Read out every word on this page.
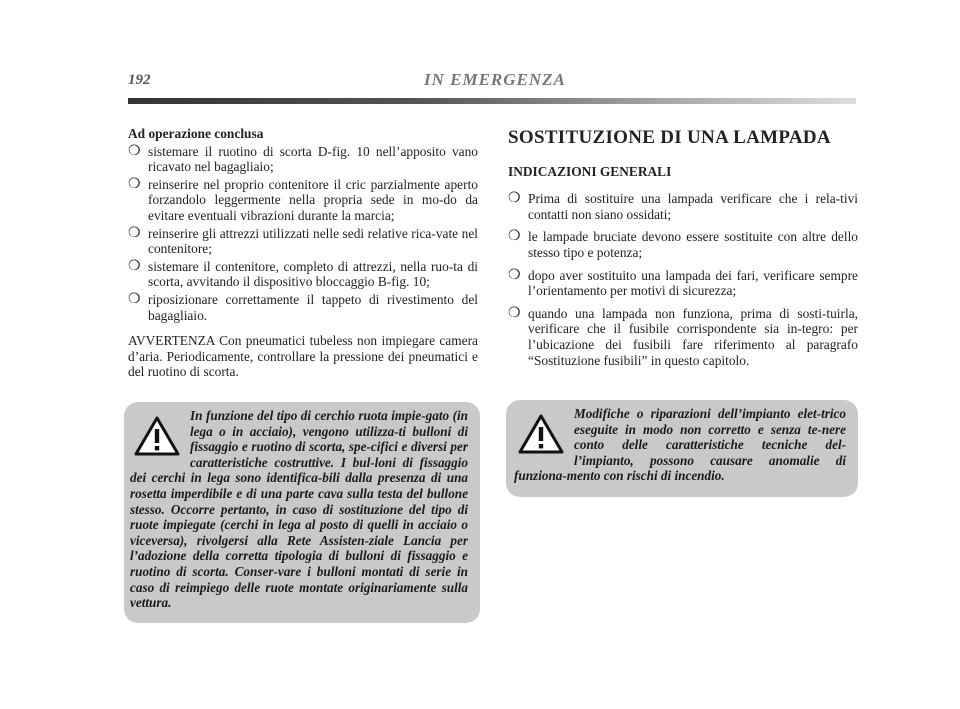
192	IN EMERGENZA
Ad operazione conclusa
❍ sistemare il ruotino di scorta D-fig. 10 nell’apposito vano ricavato nel bagagliaio;
❍ reinserire nel proprio contenitore il cric parzialmente aperto forzandolo leggermente nella propria sede in mo-do da evitare eventuali vibrazioni durante la marcia;
❍ reinserire gli attrezzi utilizzati nelle sedi relative rica-vate nel contenitore;
❍ sistemare il contenitore, completo di attrezzi, nella ruo-ta di scorta, avvitando il dispositivo bloccaggio B-fig. 10;
❍ riposizionare correttamente il tappeto di rivestimento del bagagliaio.

AVVERTENZA Con pneumatici tubeless non impiegare camera d’aria. Periodicamente, controllare la pressione dei pneumatici e del ruotino di scorta.

In funzione del tipo di cerchio ruota impie-gato (in lega o in acciaio), vengono utilizza-ti bulloni di fissaggio e ruotino di scorta, spe-cifici e diversi per caratteristiche costruttive. I bul-loni di fissaggio dei cerchi in lega sono identifica-bili dalla presenza di una rosetta imperdibile e di una parte cava sulla testa del bullone stesso. Occorre pertanto, in caso di sostituzione del tipo di ruote impiegate (cerchi in lega al posto di quelli in acciaio o viceversa), rivolgersi alla Rete Assisten-ziale Lancia per l’adozione della corretta tipologia di bulloni di fissaggio e ruotino di scorta. Conser-vare i bulloni montati di serie in caso di reimpiego delle ruote montate originariamente sulla vettura.
SOSTITUZIONE DI UNA LAMPADA
INDICAZIONI GENERALI
❍ Prima di sostituire una lampada verificare che i rela-tivi contatti non siano ossidati;
❍ le lampade bruciate devono essere sostituite con altre dello stesso tipo e potenza;
❍ dopo aver sostituito una lampada dei fari, verificare sempre l’orientamento per motivi di sicurezza;
❍ quando una lampada non funziona, prima di sosti-tuirla, verificare che il fusibile corrispondente sia in-tegro: per l’ubicazione dei fusibili fare riferimento al paragrafo “Sostituzione fusibili” in questo capitolo.
Modifiche o riparazioni dell’impianto elet-trico eseguite in modo non corretto e senza te-nere conto delle caratteristiche tecniche del-l’impianto, possono causare anomalie di funziona-mento con rischi di incendio.
